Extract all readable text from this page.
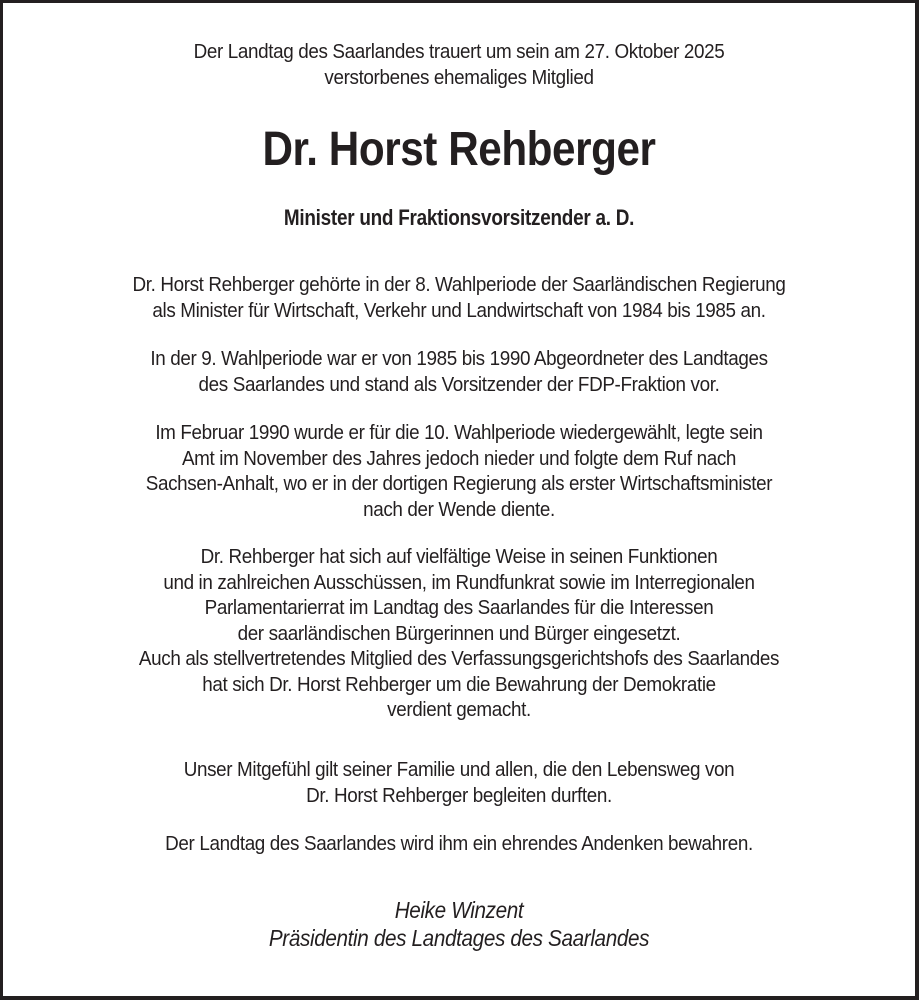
Der Landtag des Saarlandes trauert um sein am 27. Oktober 2025
verstorbenes ehemaliges Mitglied
Dr. Horst Rehberger
Minister und Fraktionsvorsitzender a. D.
Dr. Horst Rehberger gehörte in der 8. Wahlperiode der Saarländischen Regierung
als Minister für Wirtschaft, Verkehr und Landwirtschaft von 1984 bis 1985 an.
In der 9. Wahlperiode war er von 1985 bis 1990 Abgeordneter des Landtages
des Saarlandes und stand als Vorsitzender der FDP-Fraktion vor.
Im Februar 1990 wurde er für die 10. Wahlperiode wiedergewählt, legte sein
Amt im November des Jahres jedoch nieder und folgte dem Ruf nach
Sachsen-Anhalt, wo er in der dortigen Regierung als erster Wirtschaftsminister
nach der Wende diente.
Dr. Rehberger hat sich auf vielfältige Weise in seinen Funktionen
und in zahlreichen Ausschüssen, im Rundfunkrat sowie im Interregionalen
Parlamentarierrat im Landtag des Saarlandes für die Interessen
der saarländischen Bürgerinnen und Bürger eingesetzt.
Auch als stellvertretendes Mitglied des Verfassungsgerichtshofs des Saarlandes
hat sich Dr. Horst Rehberger um die Bewahrung der Demokratie
verdient gemacht.
Unser Mitgefühl gilt seiner Familie und allen, die den Lebensweg von
Dr. Horst Rehberger begleiten durften.
Der Landtag des Saarlandes wird ihm ein ehrendes Andenken bewahren.
Heike Winzent
Präsidentin des Landtages des Saarlandes
